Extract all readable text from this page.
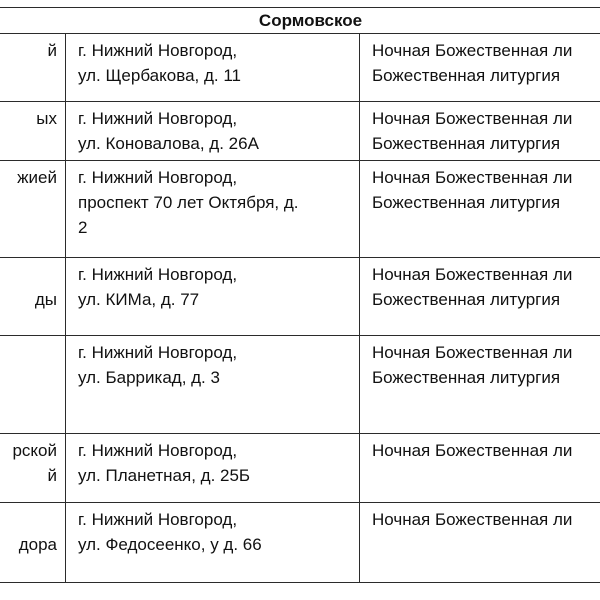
Сормовское		

й	г. Нижний Новгород,
ул. Щербакова, д. 11	Ночная Божественная ли
Божественная литургия

ых	г. Нижний Новгород,
ул. Коновалова, д. 26А	Ночная Божественная ли
Божественная литургия

жией	г. Нижний Новгород,
проспект 70 лет Октября, д.
2	Ночная Божественная ли
Божественная литургия

ды	г. Нижний Новгород,
ул. КИМа, д. 77	Ночная Божественная ли
Божественная литургия

	г. Нижний Новгород,
ул. Баррикад, д. 3	Ночная Божественная ли
Божественная литургия

рской
й	г. Нижний Новгород,
ул. Планетная, д. 25Б	Ночная Божественная ли

дора	г. Нижний Новгород,
ул. Федосеенко, у д. 66	Ночная Божественная ли
